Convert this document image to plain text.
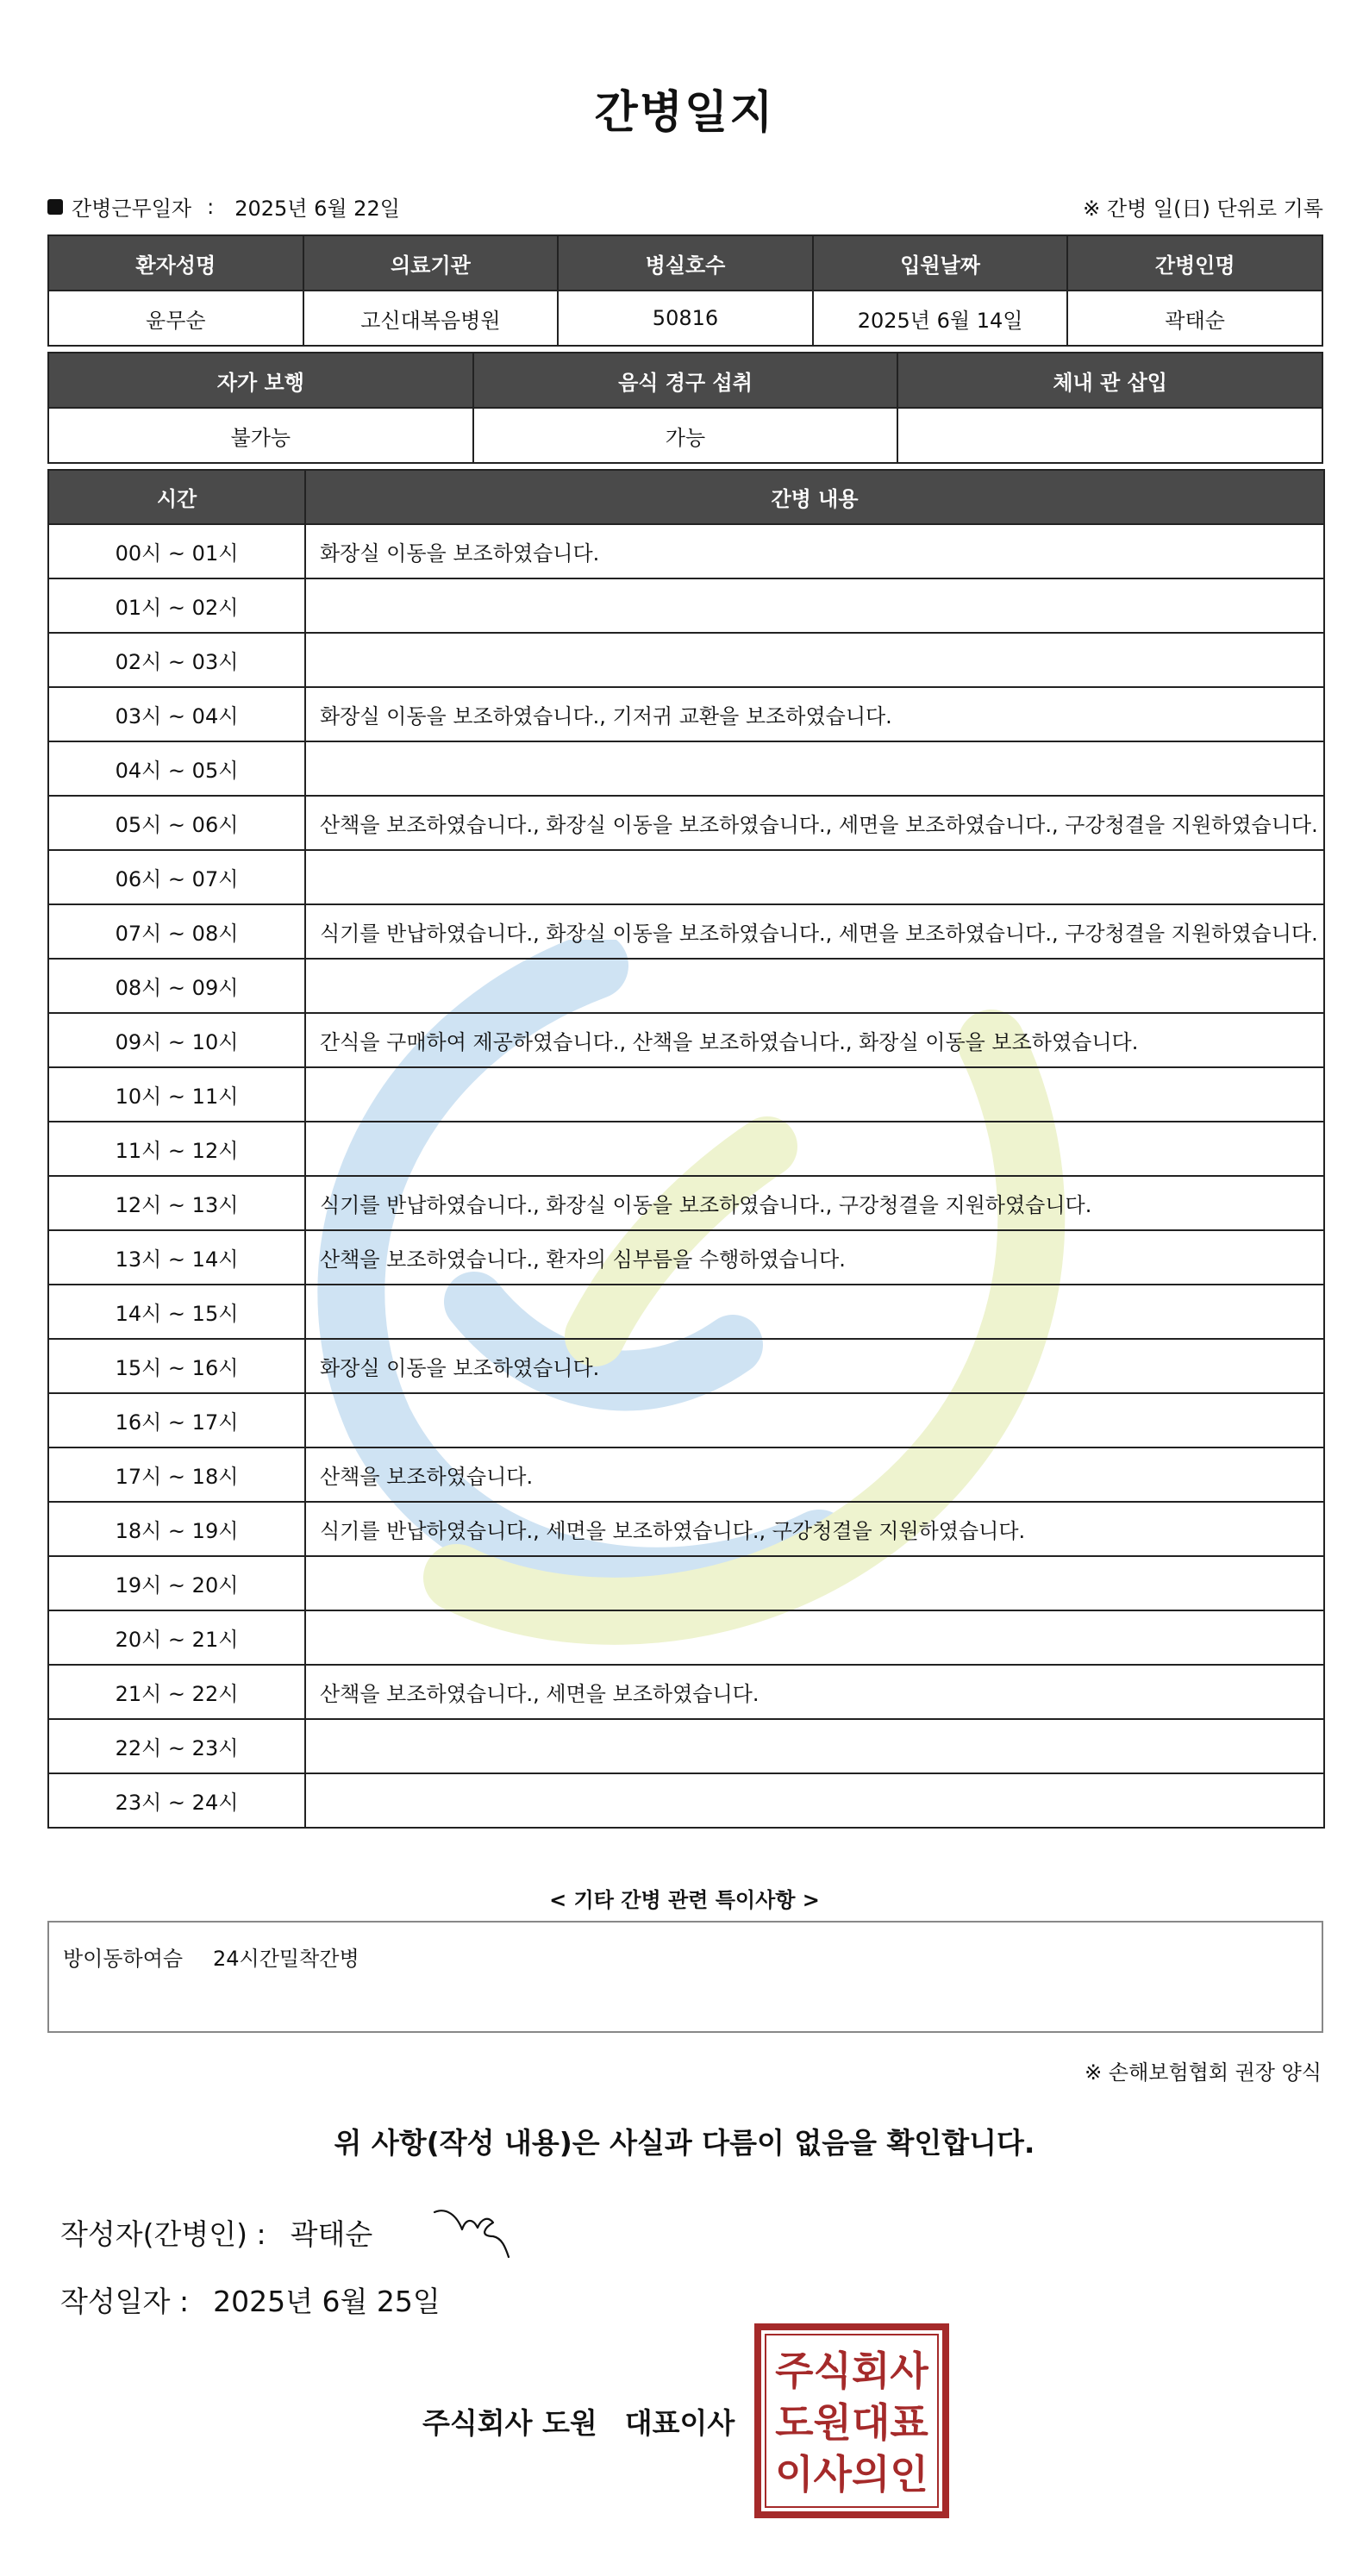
간병일지
간병근무일자 : 2025년 6월 22일	※ 간병 일(日) 단위로 기록
환자성명	의료기관	병실호수	입원날짜	간병인명
윤무순	고신대복음병원	50816	2025년 6월 14일	곽태순
자가 보행	음식 경구 섭취	체내 관 삽입
불가능	가능	
시간	간병 내용
00시 ~ 01시	화장실 이동을 보조하였습니다.
01시 ~ 02시	
02시 ~ 03시	
03시 ~ 04시	화장실 이동을 보조하였습니다., 기저귀 교환을 보조하였습니다.
04시 ~ 05시	
05시 ~ 06시	산책을 보조하였습니다., 화장실 이동을 보조하였습니다., 세면을 보조하였습니다., 구강청결을 지원하였습니다.
06시 ~ 07시	
07시 ~ 08시	식기를 반납하였습니다., 화장실 이동을 보조하였습니다., 세면을 보조하였습니다., 구강청결을 지원하였습니다.
08시 ~ 09시	
09시 ~ 10시	간식을 구매하여 제공하였습니다., 산책을 보조하였습니다., 화장실 이동을 보조하였습니다.
10시 ~ 11시	
11시 ~ 12시	
12시 ~ 13시	식기를 반납하였습니다., 화장실 이동을 보조하였습니다., 구강청결을 지원하였습니다.
13시 ~ 14시	산책을 보조하였습니다., 환자의 심부름을 수행하였습니다.
14시 ~ 15시	
15시 ~ 16시	화장실 이동을 보조하였습니다.
16시 ~ 17시	
17시 ~ 18시	산책을 보조하였습니다.
18시 ~ 19시	식기를 반납하였습니다., 세면을 보조하였습니다., 구강청결을 지원하였습니다.
19시 ~ 20시	
20시 ~ 21시	
21시 ~ 22시	산책을 보조하였습니다., 세면을 보조하였습니다.
22시 ~ 23시	
23시 ~ 24시	
< 기타 간병 관련 특이사항 >
방이동하여슴 24시간밀착간병
※ 손해보험협회 권장 양식
위 사항(작성 내용)은 사실과 다름이 없음을 확인합니다.
작성자(간병인) : 곽태순
작성일자 : 2025년 6월 25일
주식회사 도원 대표이사
주식회사
도원대표
이사의인
